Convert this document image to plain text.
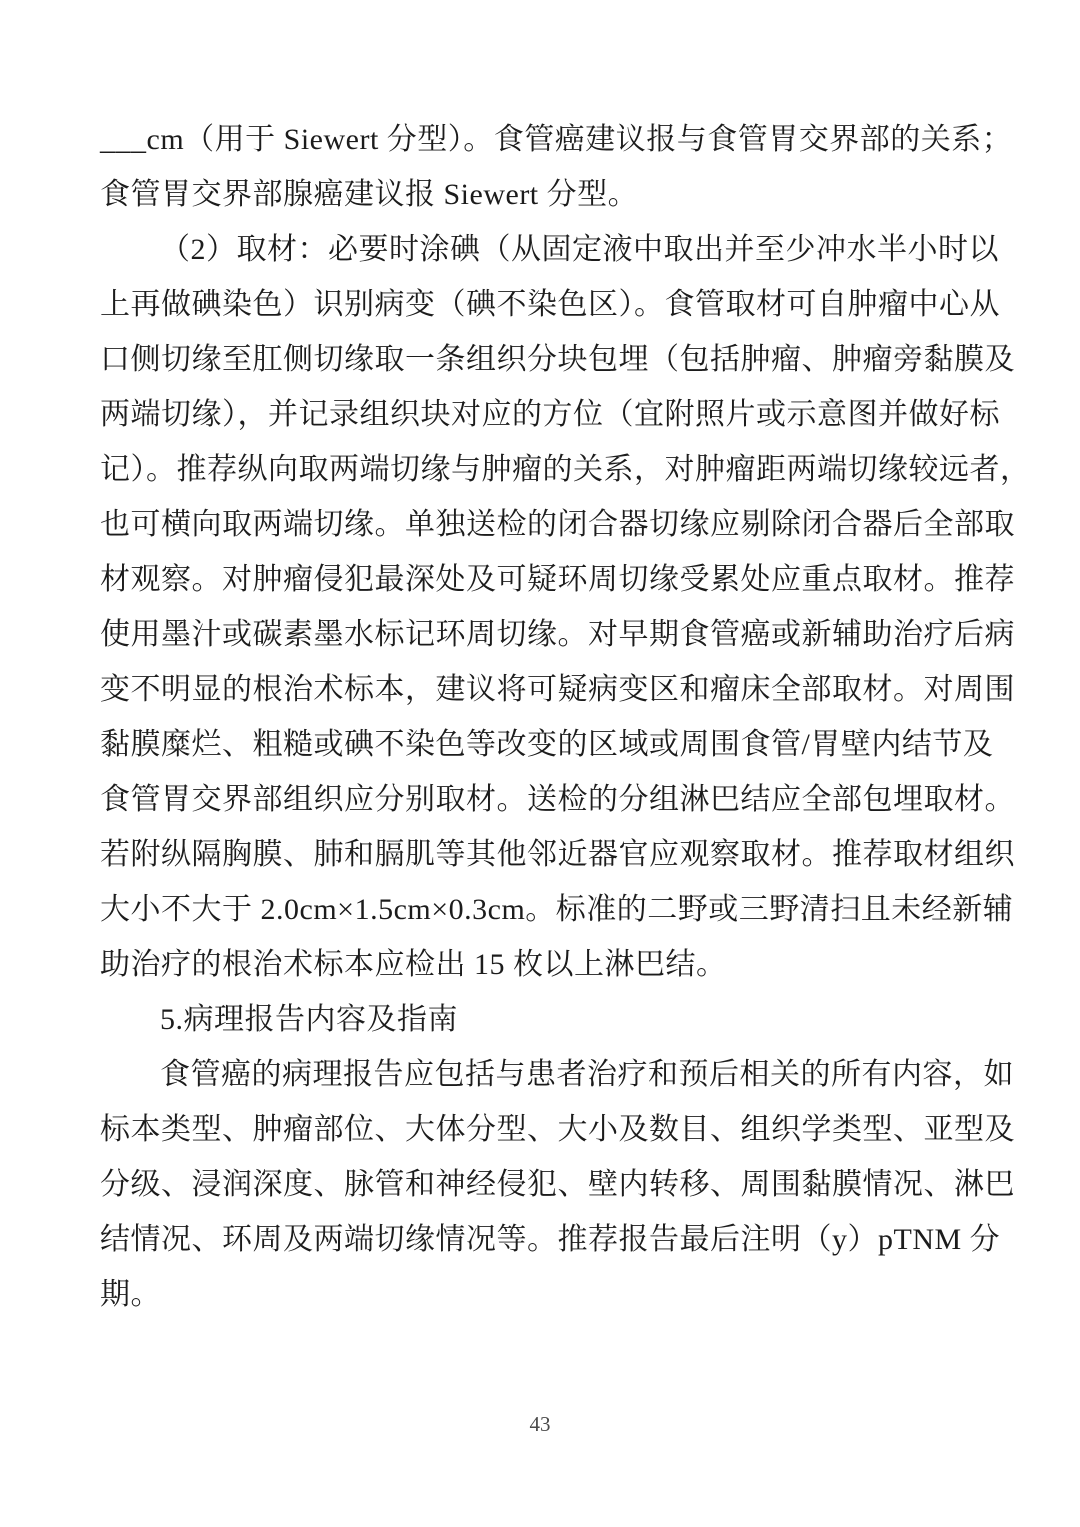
___cm（用于 Siewert 分型）。食管癌建议报与食管胃交界部的关系；

食管胃交界部腺癌建议报 Siewert 分型。

（2）取材：必要时涂碘（从固定液中取出并至少冲水半小时以

上再做碘染色）识别病变（碘不染色区）。食管取材可自肿瘤中心从

口侧切缘至肛侧切缘取一条组织分块包埋（包括肿瘤、肿瘤旁黏膜及

两端切缘），并记录组织块对应的方位（宜附照片或示意图并做好标

记）。推荐纵向取两端切缘与肿瘤的关系，对肿瘤距两端切缘较远者，

也可横向取两端切缘。单独送检的闭合器切缘应剔除闭合器后全部取

材观察。对肿瘤侵犯最深处及可疑环周切缘受累处应重点取材。推荐

使用墨汁或碳素墨水标记环周切缘。对早期食管癌或新辅助治疗后病

变不明显的根治术标本，建议将可疑病变区和瘤床全部取材。对周围

黏膜糜烂、粗糙或碘不染色等改变的区域或周围食管/胃壁内结节及

食管胃交界部组织应分别取材。送检的分组淋巴结应全部包埋取材。

若附纵隔胸膜、肺和膈肌等其他邻近器官应观察取材。推荐取材组织

大小不大于 2.0cm×1.5cm×0.3cm。标准的二野或三野清扫且未经新辅

助治疗的根治术标本应检出 15 枚以上淋巴结。

5.病理报告内容及指南

食管癌的病理报告应包括与患者治疗和预后相关的所有内容，如

标本类型、肿瘤部位、大体分型、大小及数目、组织学类型、亚型及

分级、浸润深度、脉管和神经侵犯、壁内转移、周围黏膜情况、淋巴

结情况、环周及两端切缘情况等。推荐报告最后注明（y）pTNM 分

期。

43
